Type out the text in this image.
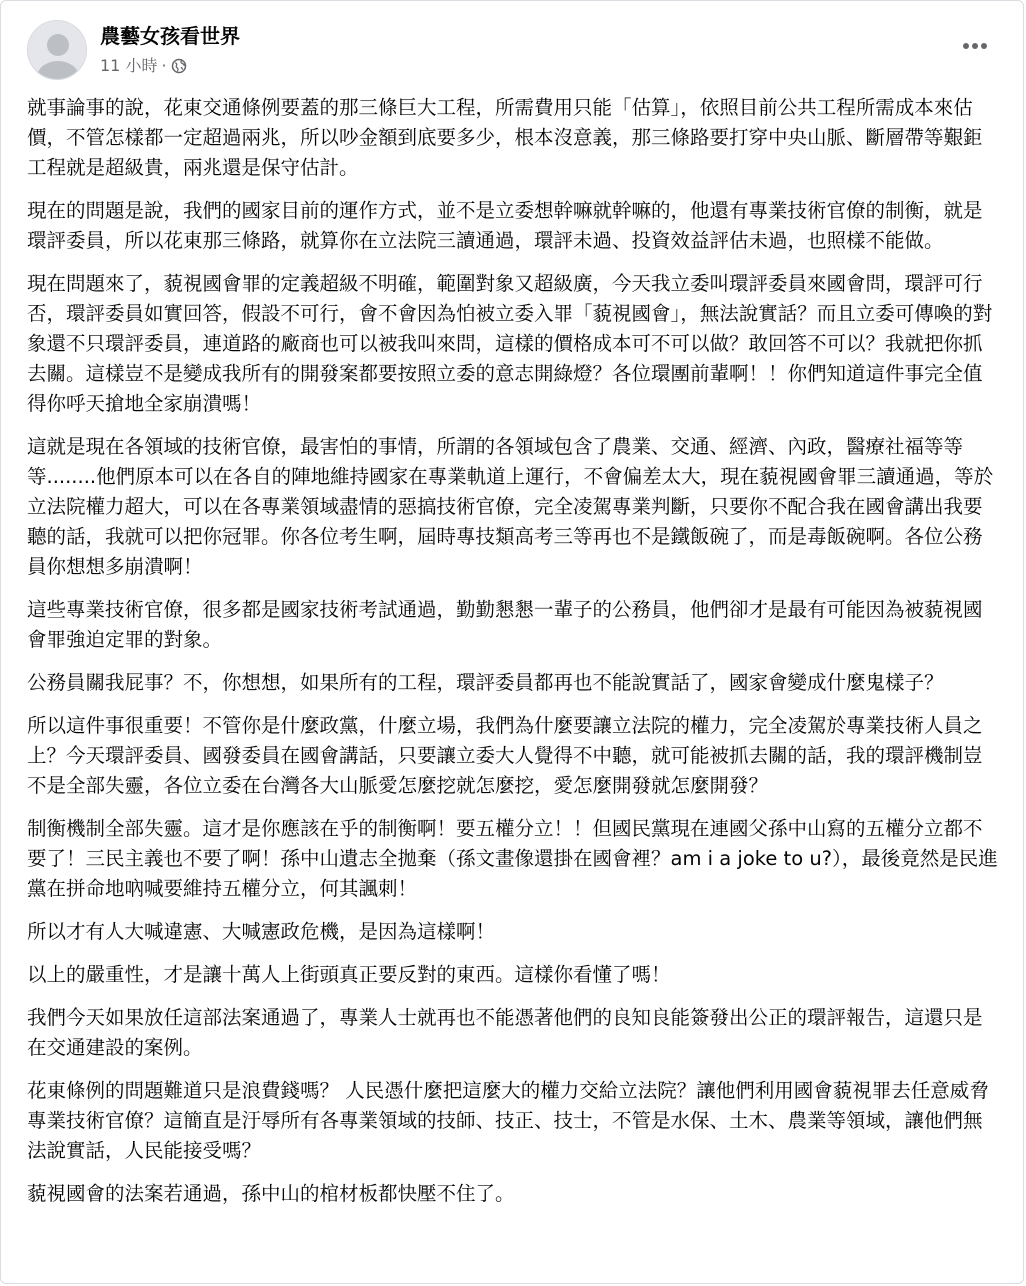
農藝女孩看世界
11 小時 ·

就事論事的說，花東交通條例要蓋的那三條巨大工程，所需費用只能「估算」，依照目前公共工程所需成本來估價，不管怎樣都一定超過兩兆，所以吵金額到底要多少，根本沒意義，那三條路要打穿中央山脈、斷層帶等艱鉅工程就是超級貴，兩兆還是保守估計。

現在的問題是說，我們的國家目前的運作方式，並不是立委想幹嘛就幹嘛的，他還有專業技術官僚的制衡，就是環評委員，所以花東那三條路，就算你在立法院三讀通過，環評未過、投資效益評估未過，也照樣不能做。

現在問題來了，藐視國會罪的定義超級不明確，範圍對象又超級廣，今天我立委叫環評委員來國會問，環評可行否，環評委員如實回答，假設不可行，會不會因為怕被立委入罪「藐視國會」，無法說實話？而且立委可傳喚的對象還不只環評委員，連道路的廠商也可以被我叫來問，這樣的價格成本可不可以做？敢回答不可以？我就把你抓去關。這樣豈不是變成我所有的開發案都要按照立委的意志開綠燈？各位環團前輩啊！！你們知道這件事完全值得你呼天搶地全家崩潰嗎！

這就是現在各領域的技術官僚，最害怕的事情，所謂的各領域包含了農業、交通、經濟、內政，醫療社福等等等........他們原本可以在各自的陣地維持國家在專業軌道上運行，不會偏差太大，現在藐視國會罪三讀通過，等於立法院權力超大，可以在各專業領域盡情的惡搞技術官僚，完全凌駕專業判斷，只要你不配合我在國會講出我要聽的話，我就可以把你冠罪。你各位考生啊，屆時專技類高考三等再也不是鐵飯碗了，而是毒飯碗啊。各位公務員你想想多崩潰啊！

這些專業技術官僚，很多都是國家技術考試通過，勤勤懇懇一輩子的公務員，他們卻才是最有可能因為被藐視國會罪強迫定罪的對象。

公務員關我屁事？不，你想想，如果所有的工程，環評委員都再也不能說實話了，國家會變成什麼鬼樣子？

所以這件事很重要！不管你是什麼政黨，什麼立場，我們為什麼要讓立法院的權力，完全凌駕於專業技術人員之上？今天環評委員、國發委員在國會講話，只要讓立委大人覺得不中聽，就可能被抓去關的話，我的環評機制豈不是全部失靈，各位立委在台灣各大山脈愛怎麼挖就怎麼挖，愛怎麼開發就怎麼開發？

制衡機制全部失靈。這才是你應該在乎的制衡啊！要五權分立！！但國民黨現在連國父孫中山寫的五權分立都不要了！三民主義也不要了啊！孫中山遺志全拋棄（孫文畫像還掛在國會裡？am i a joke to u?），最後竟然是民進黨在拼命地吶喊要維持五權分立，何其諷刺！

所以才有人大喊違憲、大喊憲政危機，是因為這樣啊！

以上的嚴重性，才是讓十萬人上街頭真正要反對的東西。這樣你看懂了嗎！

我們今天如果放任這部法案通過了，專業人士就再也不能憑著他們的良知良能簽發出公正的環評報告，這還只是在交通建設的案例。

花東條例的問題難道只是浪費錢嗎？ 人民憑什麼把這麼大的權力交給立法院？讓他們利用國會藐視罪去任意威脅專業技術官僚？這簡直是汙辱所有各專業領域的技師、技正、技士，不管是水保、土木、農業等領域，讓他們無法說實話，人民能接受嗎？

藐視國會的法案若通過，孫中山的棺材板都快壓不住了。
